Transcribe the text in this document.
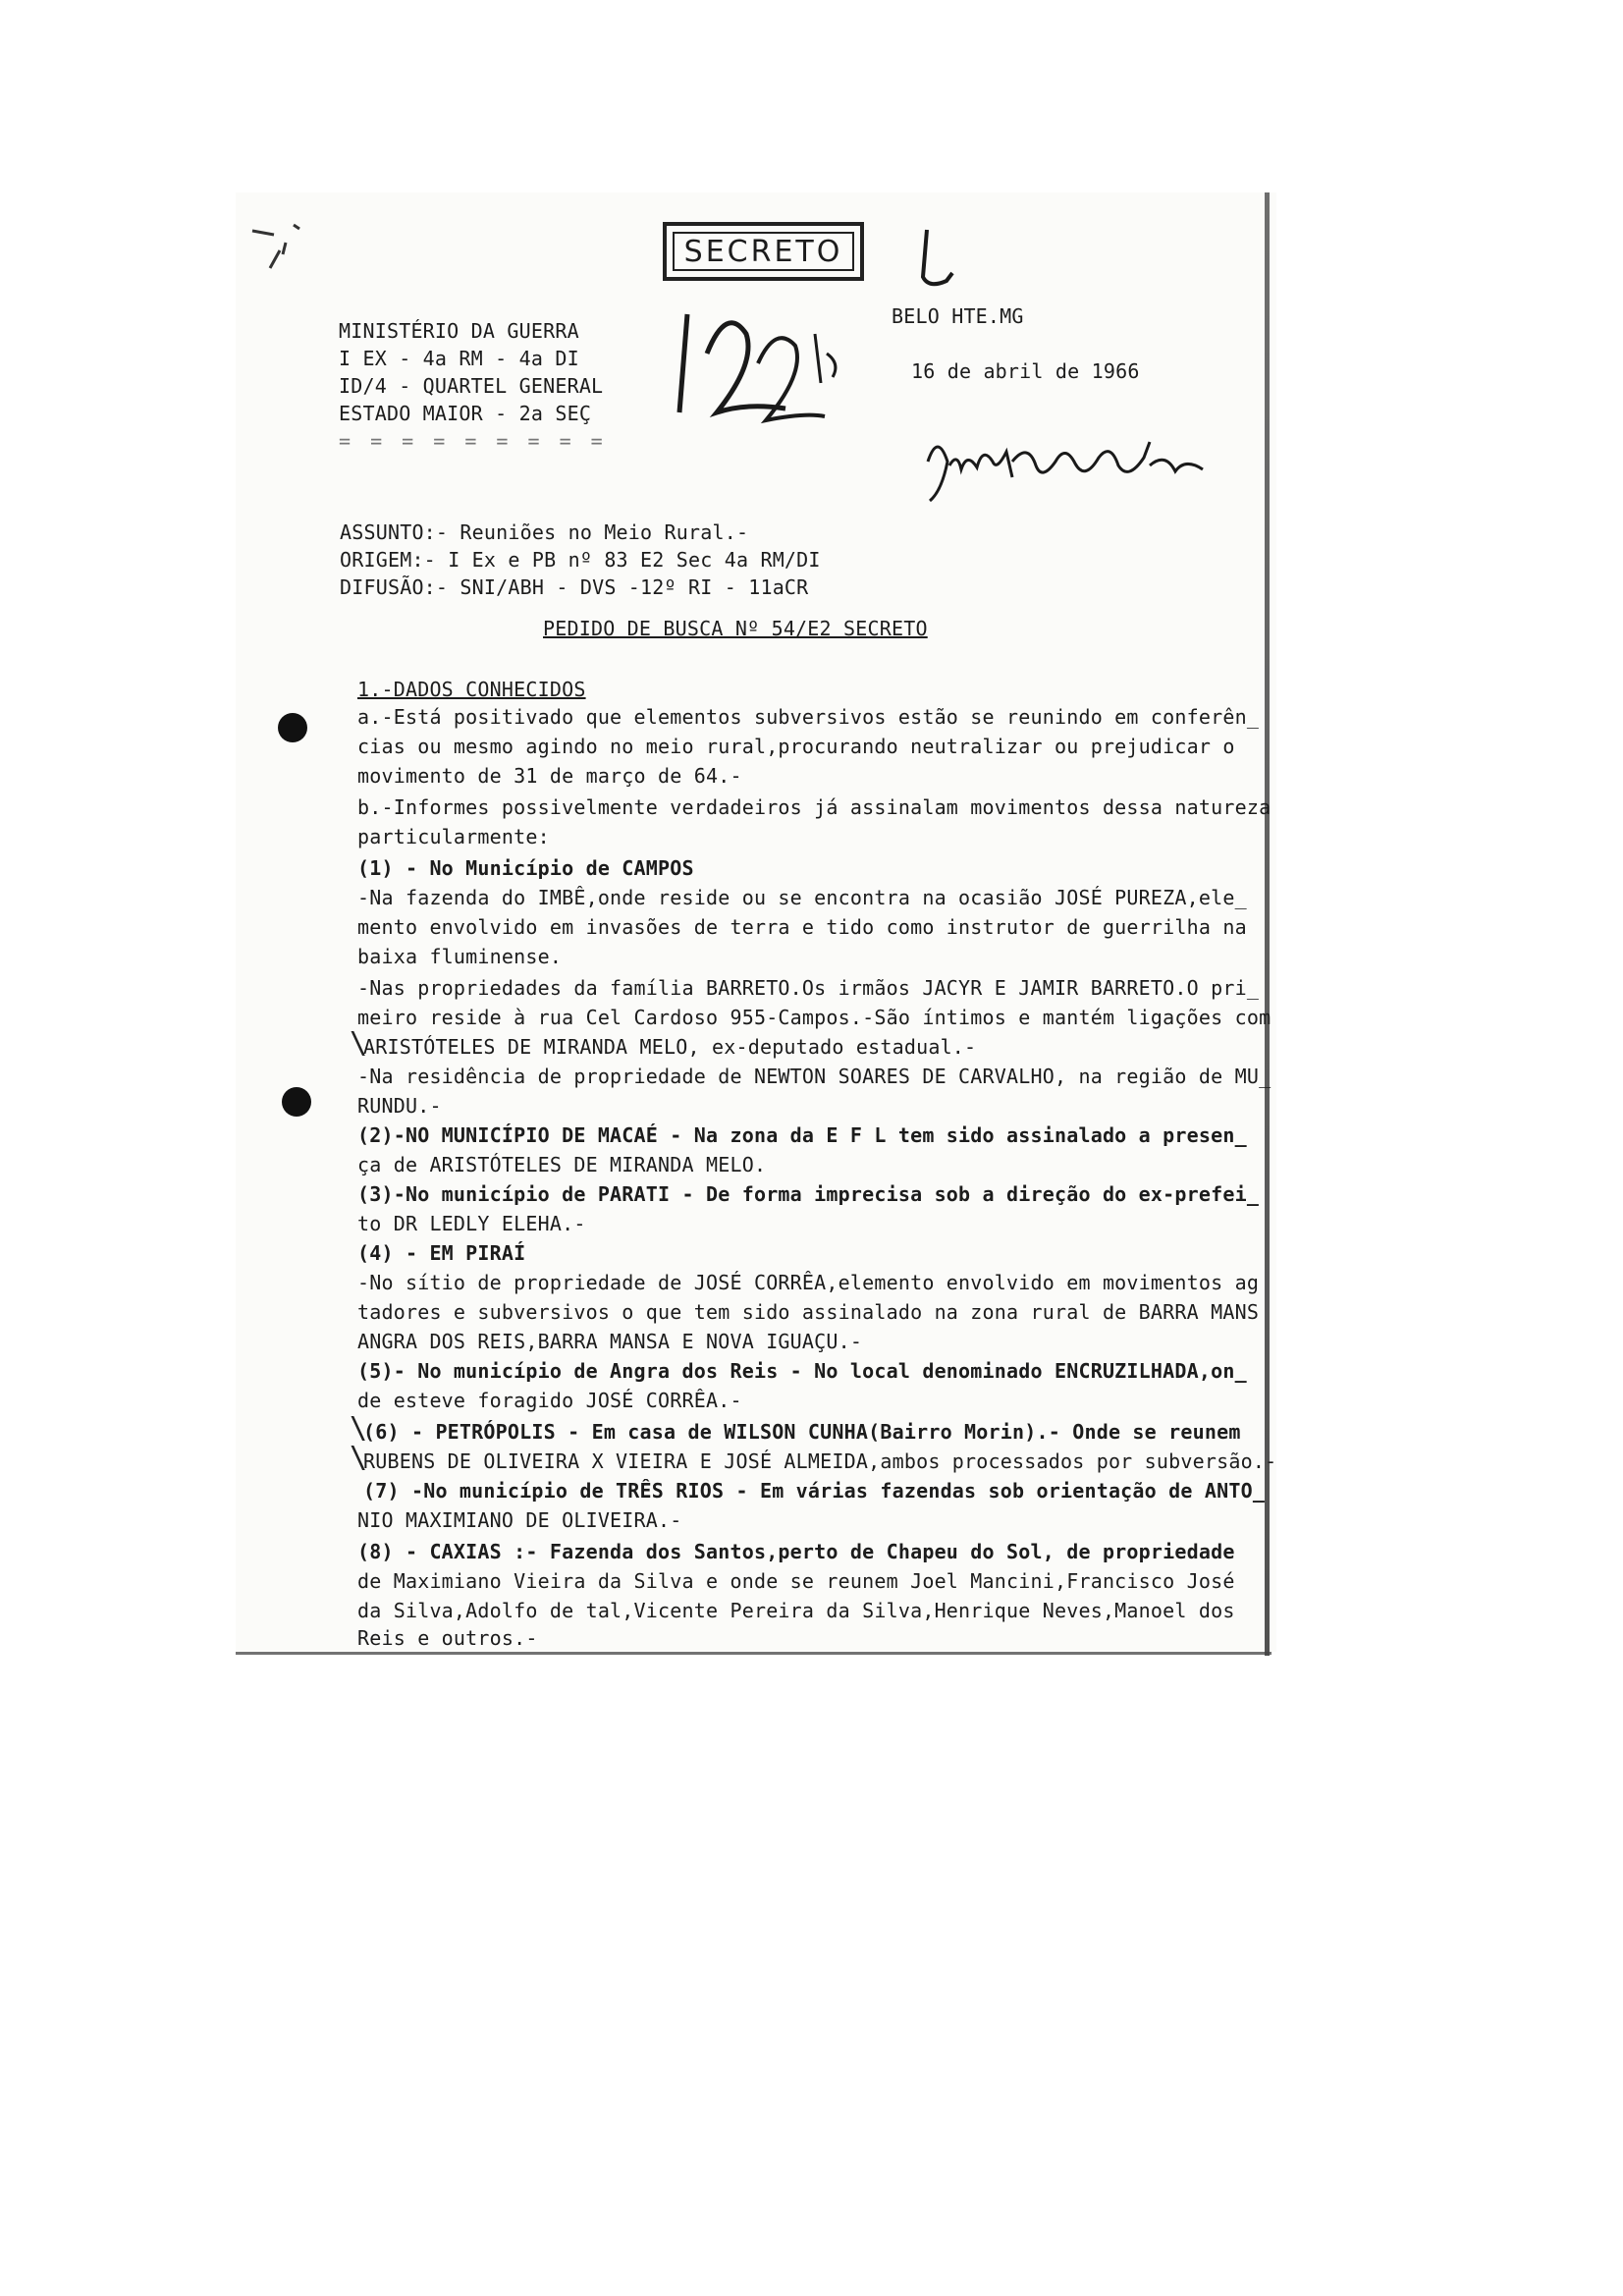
SECRETO
MINISTÉRIO DA GUERRA
I EX - 4a RM - 4a DI
ID/4 - QUARTEL GENERAL
ESTADO MAIOR - 2a SEÇ
= = = = = = = = =
BELO HTE.MG
16 de abril de 1966
ASSUNTO:- Reuniões no Meio Rural.-
ORIGEM:- I Ex e PB nº 83 E2 Sec 4a RM/DI
DIFUSÃO:- SNI/ABH - DVS -12º RI - 11aCR
PEDIDO DE BUSCA Nº 54/E2 SECRETO
1.-DADOS CONHECIDOS
a.-Está positivado que elementos subversivos estão se reunindo em conferên_
cias ou mesmo agindo no meio rural,procurando neutralizar ou prejudicar o
movimento de 31 de março de 64.-
b.-Informes possivelmente verdadeiros já assinalam movimentos dessa natureza
particularmente:
(1) - No Município de CAMPOS
-Na fazenda do IMBÊ,onde reside ou se encontra na ocasião JOSÉ PUREZA,ele_
mento envolvido em invasões de terra e tido como instrutor de guerrilha na
baixa fluminense.
-Nas propriedades da família BARRETO.Os irmãos JACYR E JAMIR BARRETO.O pri_
meiro reside à rua Cel Cardoso 955-Campos.-São íntimos e mantém ligações com
ARISTÓTELES DE MIRANDA MELO, ex-deputado estadual.-
-Na residência de propriedade de NEWTON SOARES DE CARVALHO, na região de MU_
RUNDU.-
(2)-NO MUNICÍPIO DE MACAÉ - Na zona da E F L tem sido assinalado a presen_
ça de ARISTÓTELES DE MIRANDA MELO.
(3)-No município de PARATI - De forma imprecisa sob a direção do ex-prefei_
to DR LEDLY ELEHA.-
(4) - EM PIRAÍ
-No sítio de propriedade de JOSÉ CORRÊA,elemento envolvido em movimentos ag
tadores e subversivos o que tem sido assinalado na zona rural de BARRA MANS
ANGRA DOS REIS,BARRA MANSA E NOVA IGUAÇU.-
(5)- No município de Angra dos Reis - No local denominado ENCRUZILHADA,on_
de esteve foragido JOSÉ CORRÊA.-
(6) - PETRÓPOLIS - Em casa de WILSON CUNHA(Bairro Morin).- Onde se reunem
RUBENS DE OLIVEIRA X VIEIRA E JOSÉ ALMEIDA,ambos processados por subversão.-
(7) -No município de TRÊS RIOS - Em várias fazendas sob orientação de ANTO_
NIO MAXIMIANO DE OLIVEIRA.-
(8) - CAXIAS :- Fazenda dos Santos,perto de Chapeu do Sol, de propriedade
de Maximiano Vieira da Silva e onde se reunem Joel Mancini,Francisco José
da Silva,Adolfo de tal,Vicente Pereira da Silva,Henrique Neves,Manoel dos
Reis e outros.-
\
\
\
